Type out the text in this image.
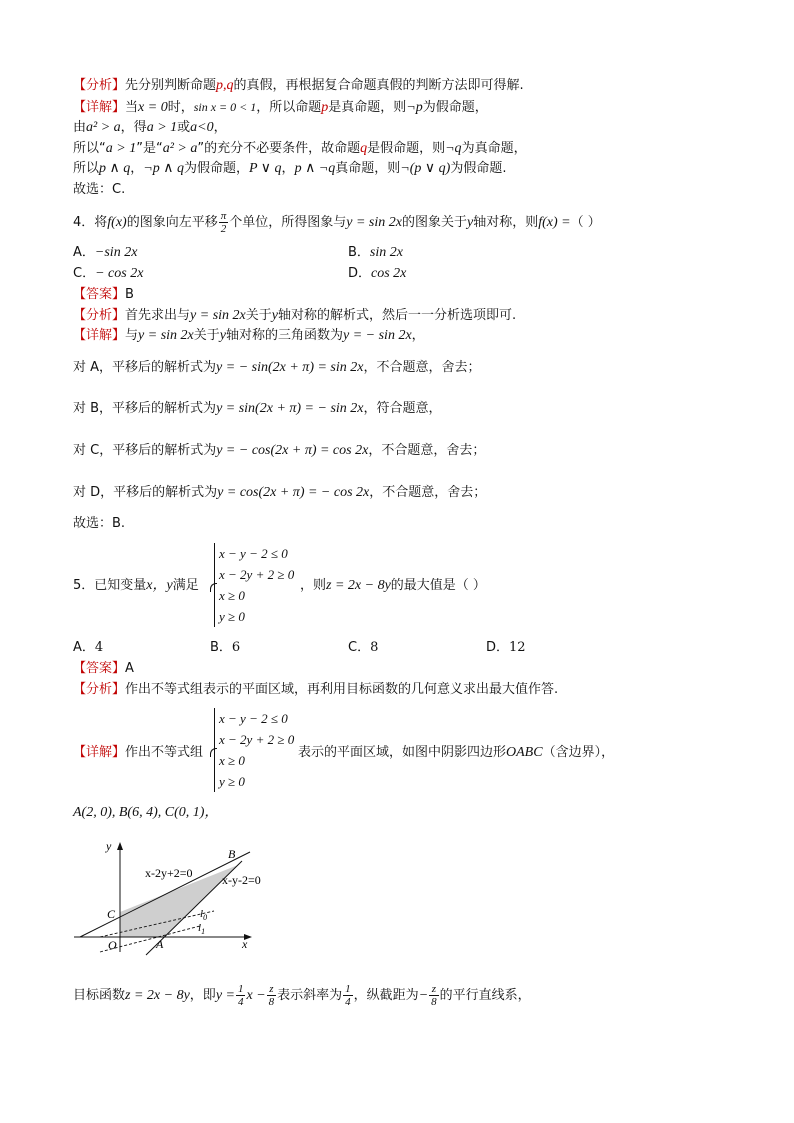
【分析】先分别判断命题p,q的真假，再根据复合命题真假的判断方法即可得解.
【详解】当x = 0时，sin x = 0 < 1，所以命题p是真命题，则¬p为假命题，
由a² > a，得a > 1或a<0，
所以“a > 1”是“a² > a”的充分不必要条件，故命题q是假命题，则¬q为真命题，
所以p ∧ q，¬p ∧ q为假命题，P ∨ q，p ∧ ¬q真命题，则¬(p ∨ q)为假命题.
故选：C.
4．将f(x)的图象向左平移 $\frac{\pi}{2}$ 个单位，所得图象与y = sin 2x的图象关于y轴对称，则f(x) =（ ）
A．−sin 2x	B．sin 2x
C．− cos 2x	D．cos 2x
【答案】B
【分析】首先求出与y = sin 2x关于y轴对称的解析式，然后一一分析选项即可.
【详解】与y = sin 2x关于y轴对称的三角函数为y = − sin 2x，
对 A，平移后的解析式为y = − sin(2x + π) = sin 2x，不合题意，舍去；
对 B，平移后的解析式为y = sin(2x + π) = − sin 2x，符合题意，
对 C，平移后的解析式为y = − cos(2x + π) = cos 2x，不合题意，舍去；
对 D，平移后的解析式为y = cos(2x + π) = − cos 2x，不合题意，舍去；
故选：B.
5．已知变量x，y满足
x − y − 2 ≤ 0
x − 2y + 2 ≥ 0
x ≥ 0
y ≥ 0
，则z = 2x − 8y的最大值是（ ）
A．4	B．6	C．8	D．12
【答案】A
【分析】作出不等式组表示的平面区域，再利用目标函数的几何意义求出最大值作答.
【详解】作出不等式组
x − y − 2 ≤ 0
x − 2y + 2 ≥ 0
x ≥ 0
y ≥ 0
表示的平面区域，如图中阴影四边形OABC（含边界），
A(2, 0), B(6, 4), C(0, 1)，
y
x
x-2y+2=0 x-y-2=0
B
C
O	A
$l_0$
$l_1$
目标函数z = 2x − 8y，即$y = \frac{1}{4}$ $x - \frac{z}{8}$ 表示斜率为 $\frac{1}{4}$ ，纵截距为− $\frac{z}{8}$ 的平行直线系，
